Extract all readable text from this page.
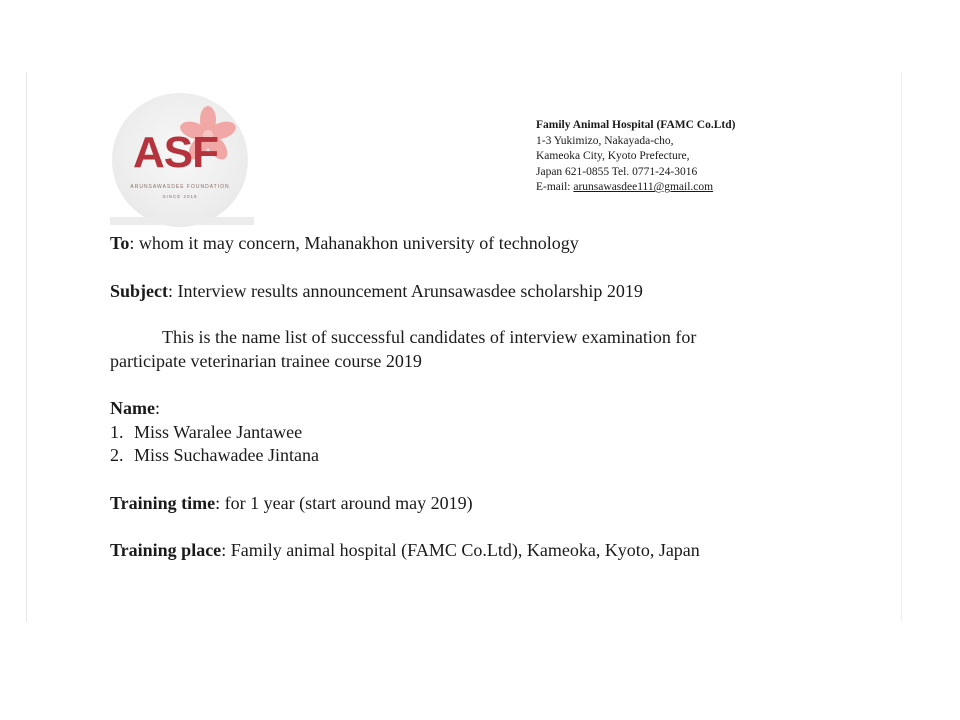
ASF
ARUNSAWASDEE FOUNDATION
SINCE 2018
Family Animal Hospital (FAMC Co.Ltd)
1-3 Yukimizo, Nakayada-cho,
Kameoka City, Kyoto Prefecture,
Japan 621-0855 Tel. 0771-24-3016
E-mail: arunsawasdee111@gmail.com
To: whom it may concern, Mahanakhon university of technology
Subject: Interview results announcement Arunsawasdee scholarship 2019
This is the name list of successful candidates of interview examination for
participate veterinarian trainee course 2019
Name:
1. Miss Waralee Jantawee
2. Miss Suchawadee Jintana
Training time: for 1 year (start around may 2019)
Training place: Family animal hospital (FAMC Co.Ltd), Kameoka, Kyoto, Japan
